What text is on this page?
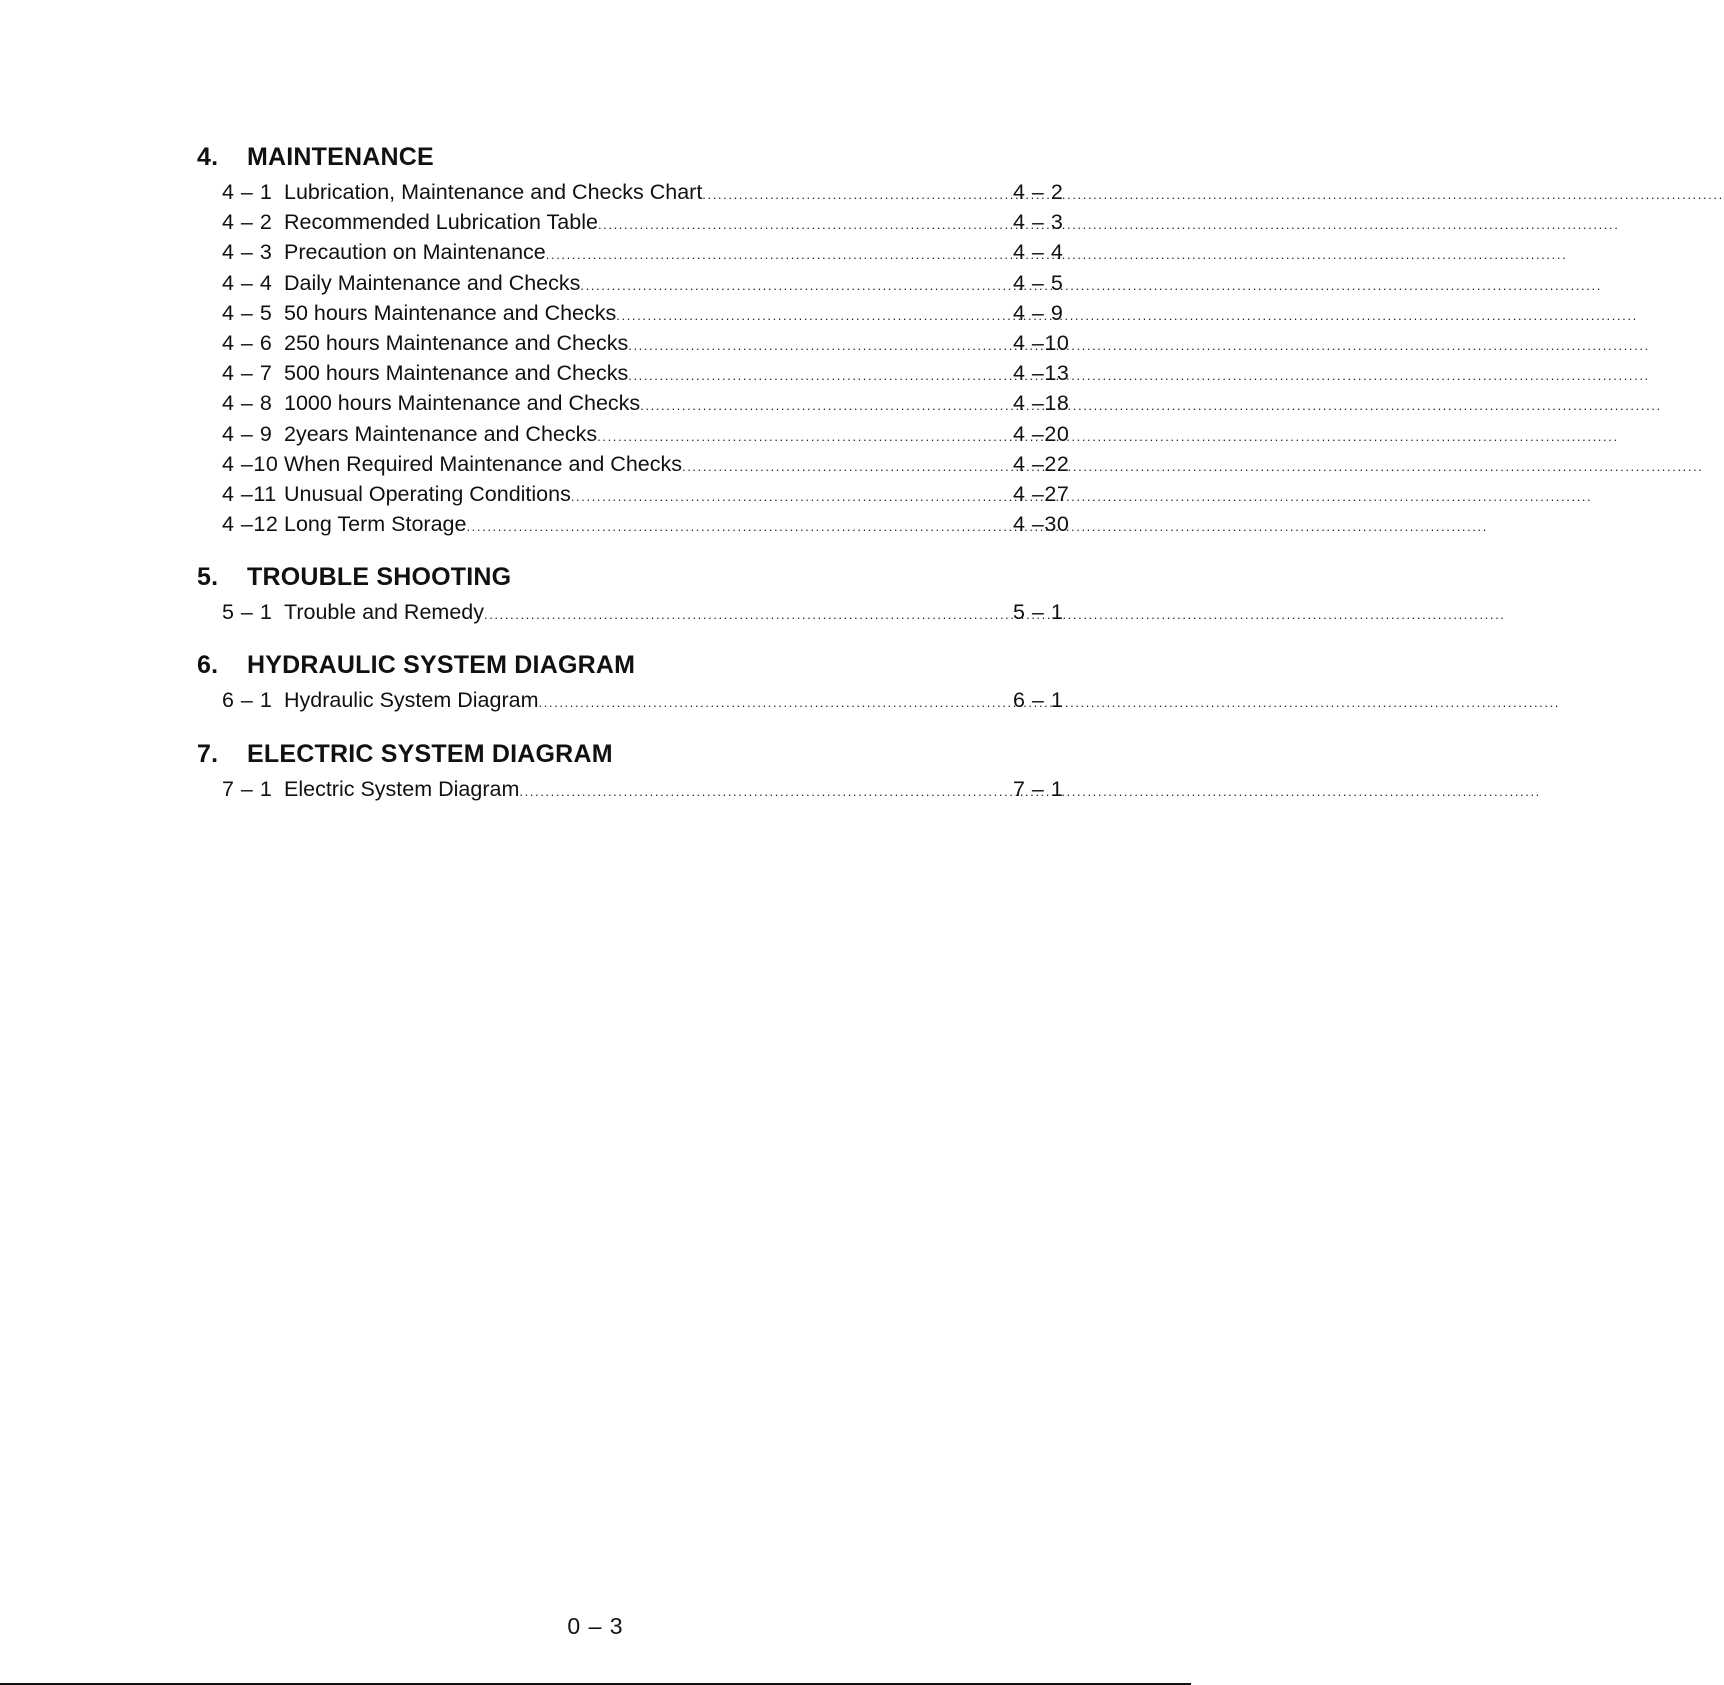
4.	MAINTENANCE
4 – 1 Lubrication, Maintenance and Checks Chart .....	4 – 2
4 – 2 Recommended Lubrication Table .....	4 – 3
4 – 3 Precaution on Maintenance .....	4 – 4
4 – 4 Daily Maintenance and Checks .....	4 – 5
4 – 5 50 hours Maintenance and Checks .....	4 – 9
4 – 6 250 hours Maintenance and Checks .....	4 –10
4 – 7 500 hours Maintenance and Checks .....	4 –13
4 – 8 1000 hours Maintenance and Checks .....	4 –18
4 – 9 2years Maintenance and Checks .....	4 –20
4 –10 When Required Maintenance and Checks .....	4 –22
4 –11 Unusual Operating Conditions .....	4 –27
4 –12 Long Term Storage .....	4 –30
5.	TROUBLE SHOOTING
5 – 1 Trouble and Remedy .....	5 – 1
6.	HYDRAULIC SYSTEM DIAGRAM
6 – 1 Hydraulic System Diagram .....	6 – 1
7.	ELECTRIC SYSTEM DIAGRAM
7 – 1 Electric System Diagram .....	7 – 1
0 – 3
